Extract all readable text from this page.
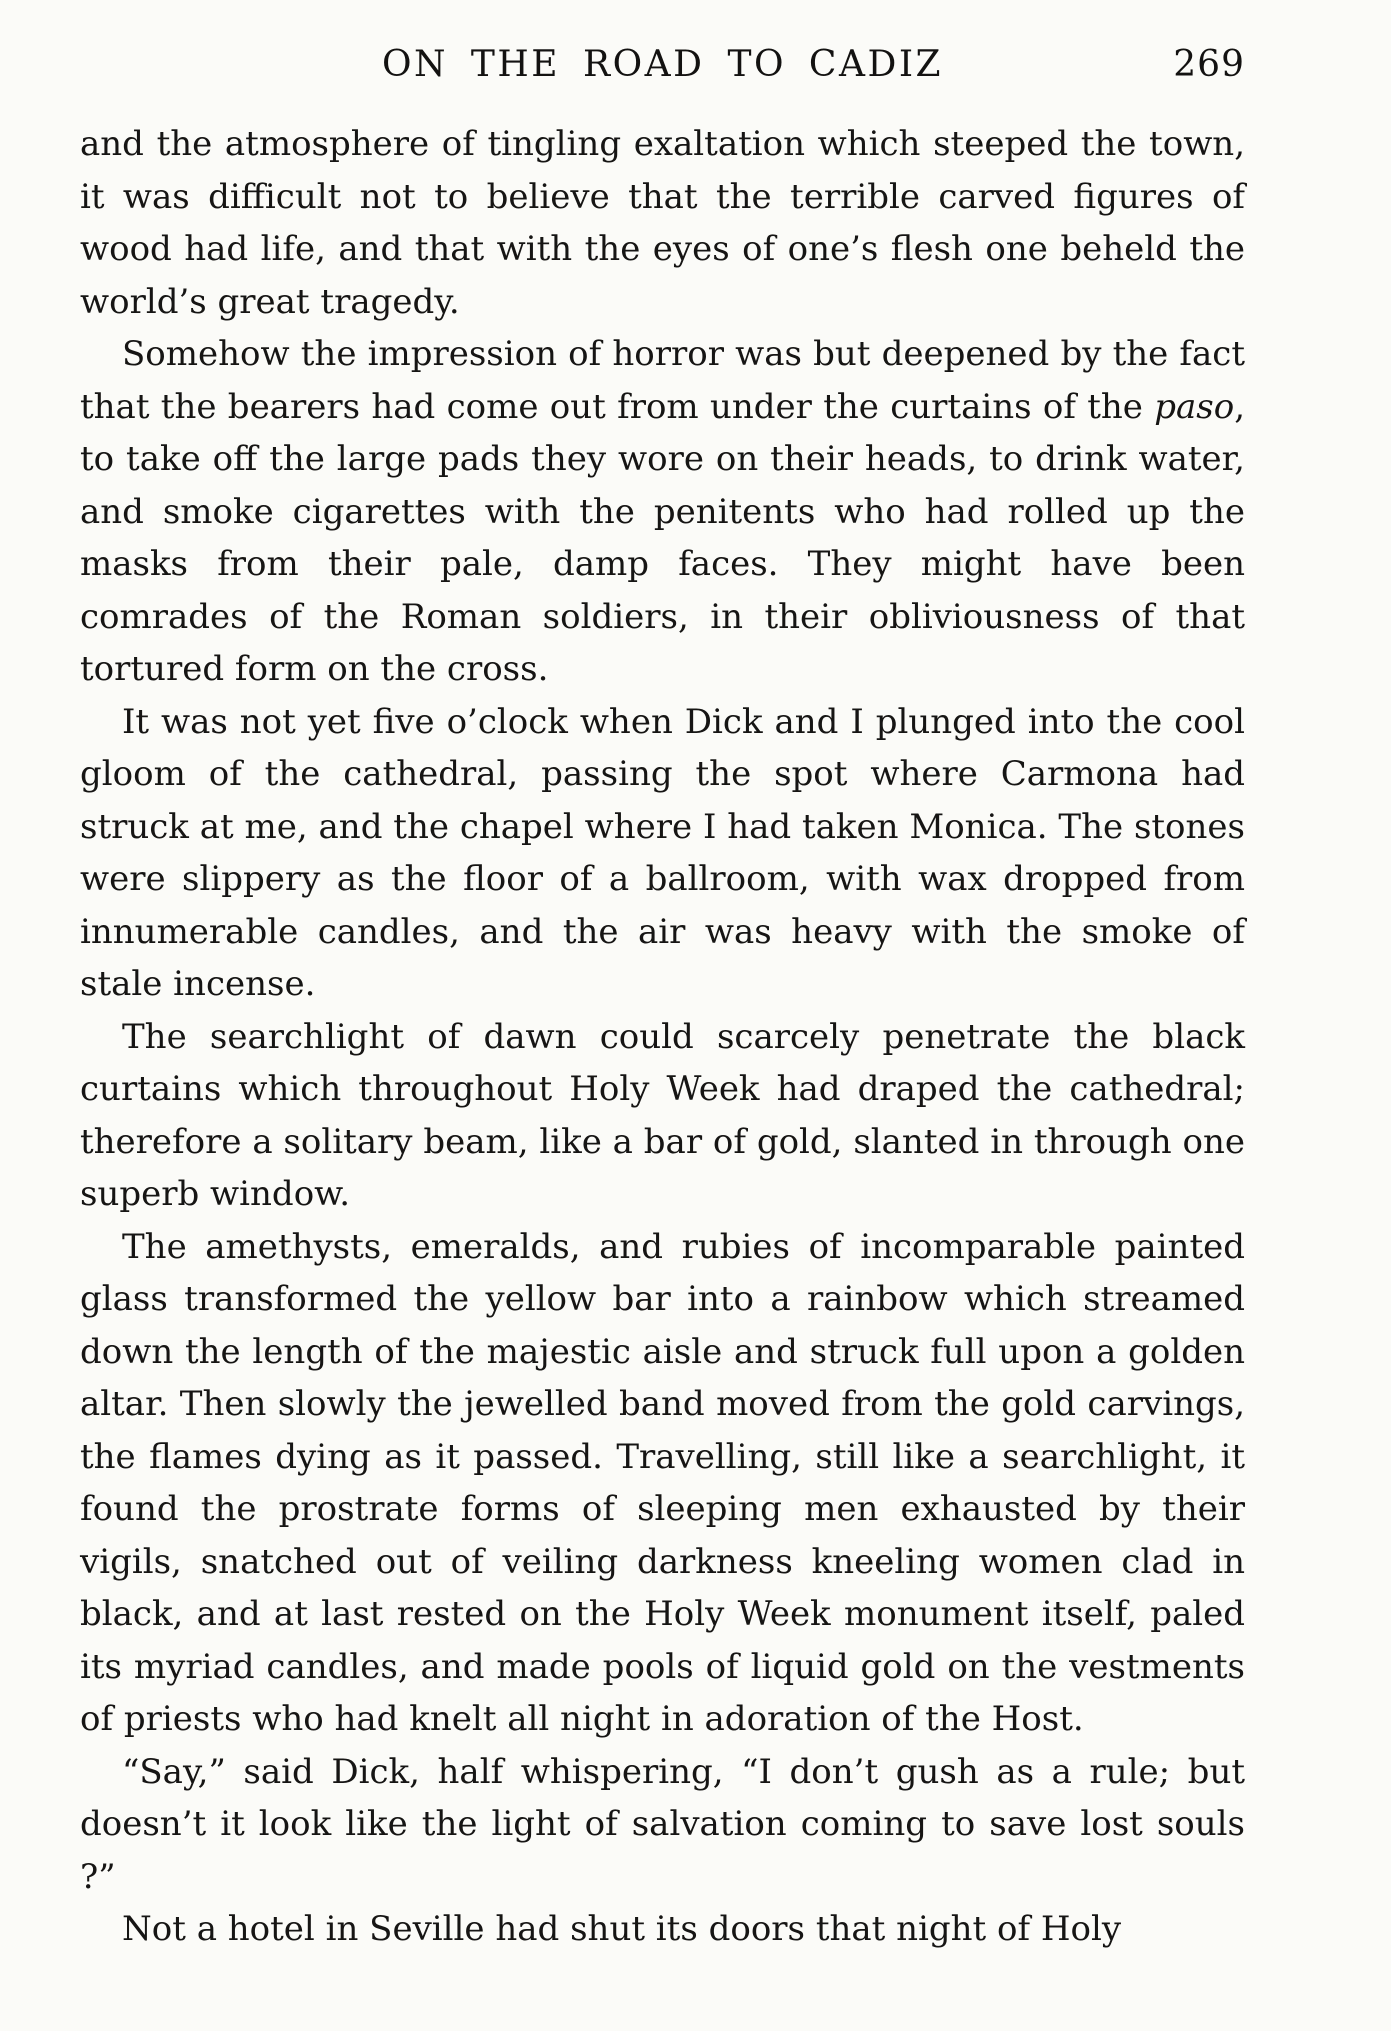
ON THE ROAD TO CADIZ	269

and the atmosphere of tingling exaltation which steeped the town, it was difficult not to believe that the terrible carved figures of wood had life, and that with the eyes of one’s flesh one beheld the world’s great tragedy.

Somehow the impression of horror was but deepened by the fact that the bearers had come out from under the curtains of the paso, to take off the large pads they wore on their heads, to drink water, and smoke cigarettes with the penitents who had rolled up the masks from their pale, damp faces. They might have been comrades of the Roman soldiers, in their obliviousness of that tortured form on the cross.

It was not yet five o’clock when Dick and I plunged into the cool gloom of the cathedral, passing the spot where Carmona had struck at me, and the chapel where I had taken Monica. The stones were slippery as the floor of a ballroom, with wax dropped from innumerable candles, and the air was heavy with the smoke of stale incense.

The searchlight of dawn could scarcely penetrate the black curtains which throughout Holy Week had draped the cathedral; therefore a solitary beam, like a bar of gold, slanted in through one superb window.

The amethysts, emeralds, and rubies of incomparable painted glass transformed the yellow bar into a rainbow which streamed down the length of the majestic aisle and struck full upon a golden altar. Then slowly the jewelled band moved from the gold carvings, the flames dying as it passed. Travelling, still like a searchlight, it found the prostrate forms of sleeping men exhausted by their vigils, snatched out of veiling darkness kneeling women clad in black, and at last rested on the Holy Week monument itself, paled its myriad candles, and made pools of liquid gold on the vestments of priests who had knelt all night in adoration of the Host.

“Say,” said Dick, half whispering, “I don’t gush as a rule; but doesn’t it look like the light of salvation coming to save lost souls ?”

Not a hotel in Seville had shut its doors that night of Holy
